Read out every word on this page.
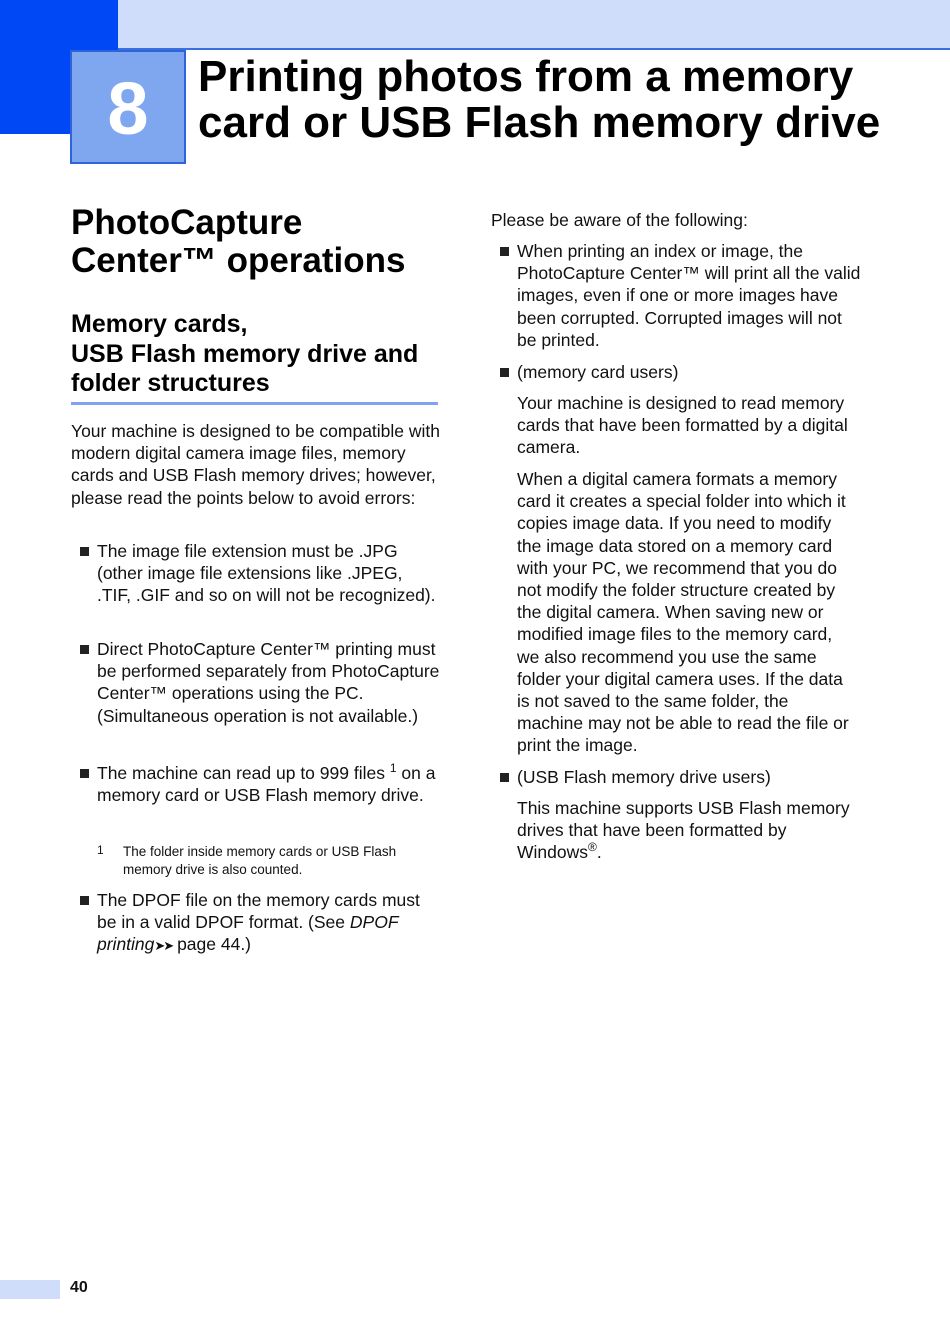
8	Printing photos from a memory card or USB Flash memory drive
PhotoCapture Center™ operations
Memory cards,
USB Flash memory drive and folder structures

Your machine is designed to be compatible with modern digital camera image files, memory cards and USB Flash memory drives; however, please read the points below to avoid errors:

The image file extension must be .JPG (other image file extensions like .JPEG, .TIF, .GIF and so on will not be recognized).
Direct PhotoCapture Center™ printing must be performed separately from PhotoCapture Center™ operations using the PC. (Simultaneous operation is not available.)
The machine can read up to 999 files $^1$ on a memory card or USB Flash memory drive.
1 The folder inside memory cards or USB Flash memory drive is also counted.
The DPOF file on the memory cards must be in a valid DPOF format. (See DPOF printing➤➤ page 44.)

Please be aware of the following:

When printing an index or image, the PhotoCapture Center™ will print all the valid images, even if one or more images have been corrupted. Corrupted images will not be printed.
(memory card users)

Your machine is designed to read memory cards that have been formatted by a digital camera.

When a digital camera formats a memory card it creates a special folder into which it copies image data. If you need to modify the image data stored on a memory card with your PC, we recommend that you do not modify the folder structure created by the digital camera. When saving new or modified image files to the memory card, we also recommend you use the same folder your digital camera uses. If the data is not saved to the same folder, the machine may not be able to read the file or print the image.

(USB Flash memory drive users)

This machine supports USB Flash memory drives that have been formatted by Windows®.

40
